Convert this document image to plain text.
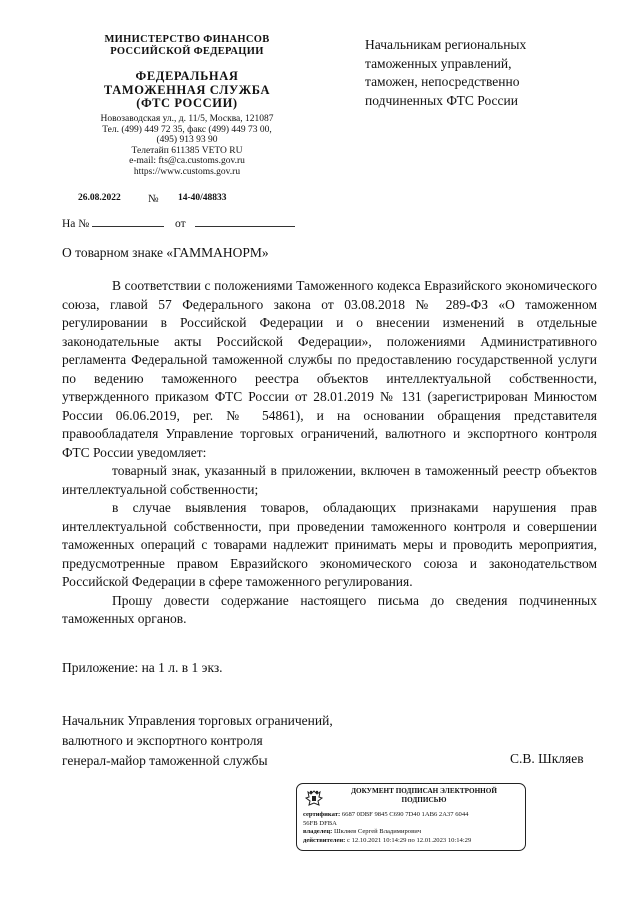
МИНИСТЕРСТВО ФИНАНСОВ
РОССИЙСКОЙ ФЕДЕРАЦИИ
ФЕДЕРАЛЬНАЯ
ТАМОЖЕННАЯ СЛУЖБА
(ФТС РОССИИ)
Новозаводская ул., д. 11/5, Москва, 121087
Тел. (499) 449 72 35, факс (499) 449 73 00,
(495) 913 93 90
Телетайп 611385 VETO RU
e-mail: fts@ca.customs.gov.ru
https://www.customs.gov.ru
26.08.2022 № 14-40/48833
На №	от
Начальникам региональных
таможенных управлений,
таможен, непосредственно
подчиненных ФТС России
О товарном знаке «ГАММАНОРМ»

В соответствии с положениями Таможенного кодекса Евразийского экономического союза, главой 57 Федерального закона от 03.08.2018 № 289-ФЗ «О таможенном регулировании в Российской Федерации и о внесении изменений в отдельные законодательные акты Российской Федерации», положениями Административного регламента Федеральной таможенной службы по предоставлению государственной услуги по ведению таможенного реестра объектов интеллектуальной собственности, утвержденного приказом ФТС России от 28.01.2019 № 131 (зарегистрирован Минюстом России 06.06.2019, рег. № 54861), и на основании обращения представителя правообладателя Управление торговых ограничений, валютного и экспортного контроля ФТС России уведомляет:

товарный знак, указанный в приложении, включен в таможенный реестр объектов интеллектуальной собственности;

в случае выявления товаров, обладающих признаками нарушения прав интеллектуальной собственности, при проведении таможенного контроля и совершении таможенных операций с товарами надлежит принимать меры и проводить мероприятия, предусмотренные правом Евразийского экономического союза и законодательством Российской Федерации в сфере таможенного регулирования.

Прошу довести содержание настоящего письма до сведения подчиненных таможенных органов.

Приложение: на 1 л. в 1 экз.
Начальник Управления торговых ограничений,
валютного и экспортного контроля
генерал-майор таможенной службы	С.В. Шкляев
ДОКУМЕНТ ПОДПИСАН ЭЛЕКТРОННОЙ
ПОДПИСЬЮ
сертификат: 6687 0DBF 9845 C690 7D40 1AB6 2A37 6044
56FB DFBA
владелец: Шкляев Сергей Владимирович
действителен: с 12.10.2021 10:14:29 по 12.01.2023 10:14:29
